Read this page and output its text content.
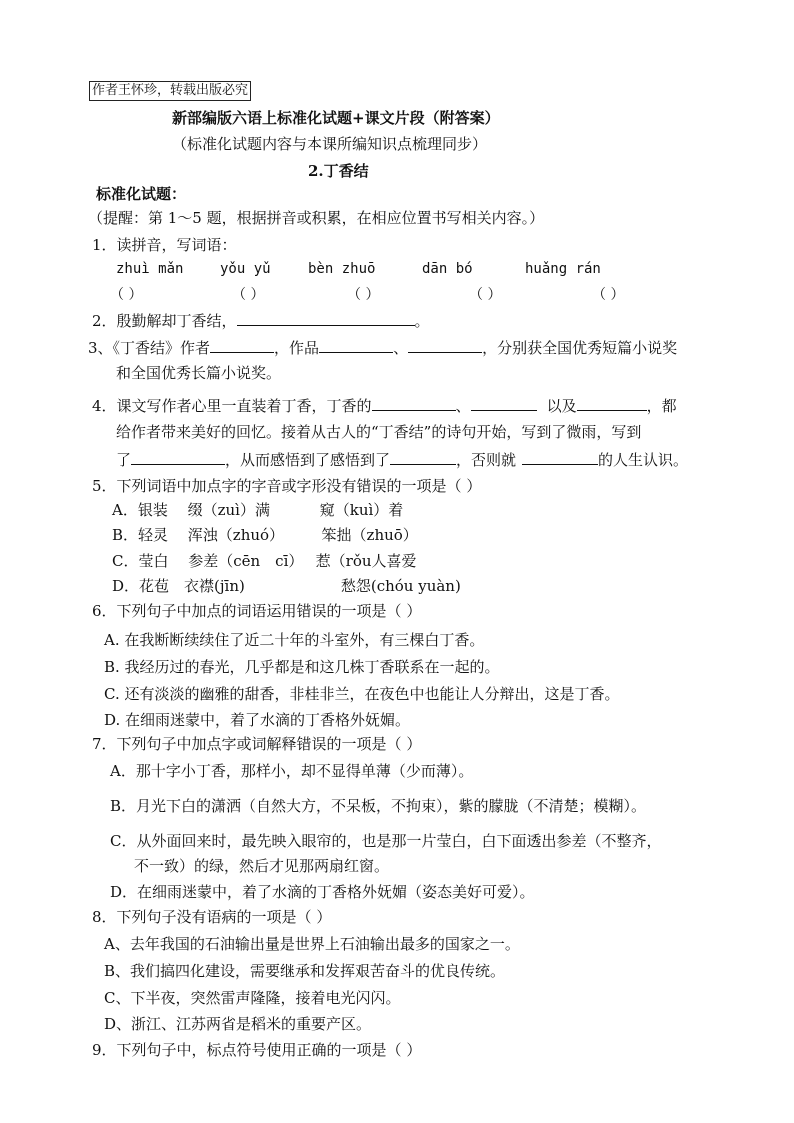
作者王怀珍，转载出版必究
新部编版六语上标准化试题+课文片段（附答案）
（标准化试题内容与本课所编知识点梳理同步）
2.丁香结
标准化试题：
（提醒：第 1～5 题，根据拼音或积累，在相应位置书写相关内容。）
1．读拼音，写词语：
zhuì mǎn	yǒu yǔ	bèn zhuō	dān bó	huǎng rán
（ ）	（ ）	（ ）	（ ）	（ ）
2．殷勤解却丁香结，	。
3、《丁香结》作者	，作品	、	，分别获全国优秀短篇小说奖
和全国优秀长篇小说奖。
4．课文写作者心里一直装着丁香，丁香的	、	以及	，都
给作者带来美好的回忆。接着从古人的“丁香结”的诗句开始，写到了微雨，写到
了	，从而感悟到了感悟到了	，否则就	的人生认识。
5．下列词语中加点字的字音或字形没有错误的一项是（ ）
A．银装　 缀（zuì）满　　　 窥（kuì）着
B．轻灵　 浑浊（zhuó）　　　笨拙（zhuō）
C．莹白　 参差（cēn　cī）　 惹（rǒu人喜爱
D．花苞　衣襟(jīn)	愁怨(chóu yuàn)
6．下列句子中加点的词语运用错误的一项是（ ）
A. 在我断断续续住了近二十年的斗室外，有三棵白丁香。
B. 我经历过的春光，几乎都是和这几株丁香联系在一起的。
C. 还有淡淡的幽雅的甜香，非桂非兰，在夜色中也能让人分辩出，这是丁香。
D. 在细雨迷蒙中，着了水滴的丁香格外妩媚。
7．下列句子中加点字或词解释错误的一项是（ ）
A．那十字小丁香，那样小，却不显得单薄（少而薄）。
B．月光下白的潇洒（自然大方，不呆板，不拘束），紫的朦胧（不清楚；模糊）。
C．从外面回来时，最先映入眼帘的，也是那一片莹白，白下面透出参差（不整齐，
不一致）的绿，然后才见那两扇红窗。
D．在细雨迷蒙中，着了水滴的丁香格外妩媚（姿态美好可爱）。
8．下列句子没有语病的一项是（ ）
A、去年我国的石油输出量是世界上石油输出最多的国家之一。
B、我们搞四化建设，需要继承和发挥艰苦奋斗的优良传统。
C、下半夜，突然雷声隆隆，接着电光闪闪。
D、浙江、江苏两省是稻米的重要产区。
9．下列句子中，标点符号使用正确的一项是（ ）
